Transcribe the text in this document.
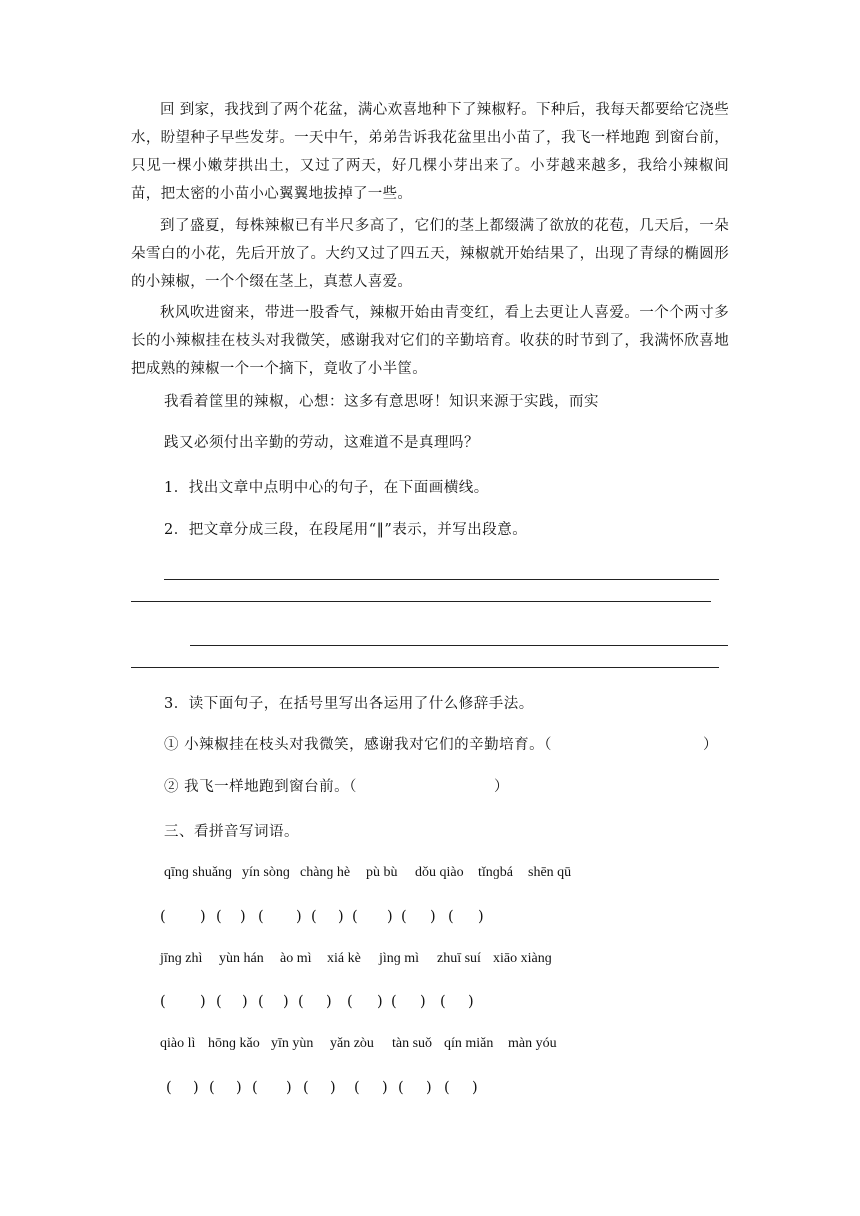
回 到家，我找到了两个花盆，满心欢喜地种下了辣椒籽。下种后，我每天都要给它浇些水，盼望种子早些发芽。一天中午，弟弟告诉我花盆里出小苗了，我飞一样地跑 到窗台前，只见一棵小嫩芽拱出土，又过了两天，好几棵小芽出来了。小芽越来越多，我给小辣椒间苗，把太密的小苗小心翼翼地拔掉了一些。

到了盛夏，每株辣椒已有半尺多高了，它们的茎上都缀满了欲放的花苞，几天后，一朵朵雪白的小花，先后开放了。大约又过了四五天，辣椒就开始结果了，出现了青绿的椭圆形的小辣椒，一个个缀在茎上，真惹人喜爱。

秋风吹进窗来，带进一股香气，辣椒开始由青变红，看上去更让人喜爱。一个个两寸多长的小辣椒挂在枝头对我微笑，感谢我对它们的辛勤培育。收获的时节到了，我满怀欣喜地把成熟的辣椒一个一个摘下，竟收了小半筐。

我看着筐里的辣椒，心想：这多有意思呀！知识来源于实践，而实
践又必须付出辛勤的劳动，这难道不是真理吗？
1．找出文章中点明中心的句子，在下面画横线。
2．把文章分成三段，在段尾用“‖”表示，并写出段意。
3．读下面句子，在括号里写出各运用了什么修辞手法。
① 小辣椒挂在枝头对我微笑，感谢我对它们的辛勤培育。（	）
② 我飞一样地跑到窗台前。（	）
三、看拼音写词语。
qīnɡ shuǎnɡ yín sònɡ chànɡ hè pù bù dǒu qiào tǐnɡbá shēn qū
( ) ( ) ( ) ( ) ( ) ( ) ( )
jīnɡ zhì yùn hán ào mì xiá kè jìnɡ mì zhuī suí xiāo xiànɡ
( ) ( ) ( ) ( ) ( ) ( ) ( )
qiào lì hōnɡ kǎo yīn yùn yǎn zòu tàn suǒ qín miǎn màn yóu
( ) ( ) ( ) ( ) ( ) ( ) ( )
